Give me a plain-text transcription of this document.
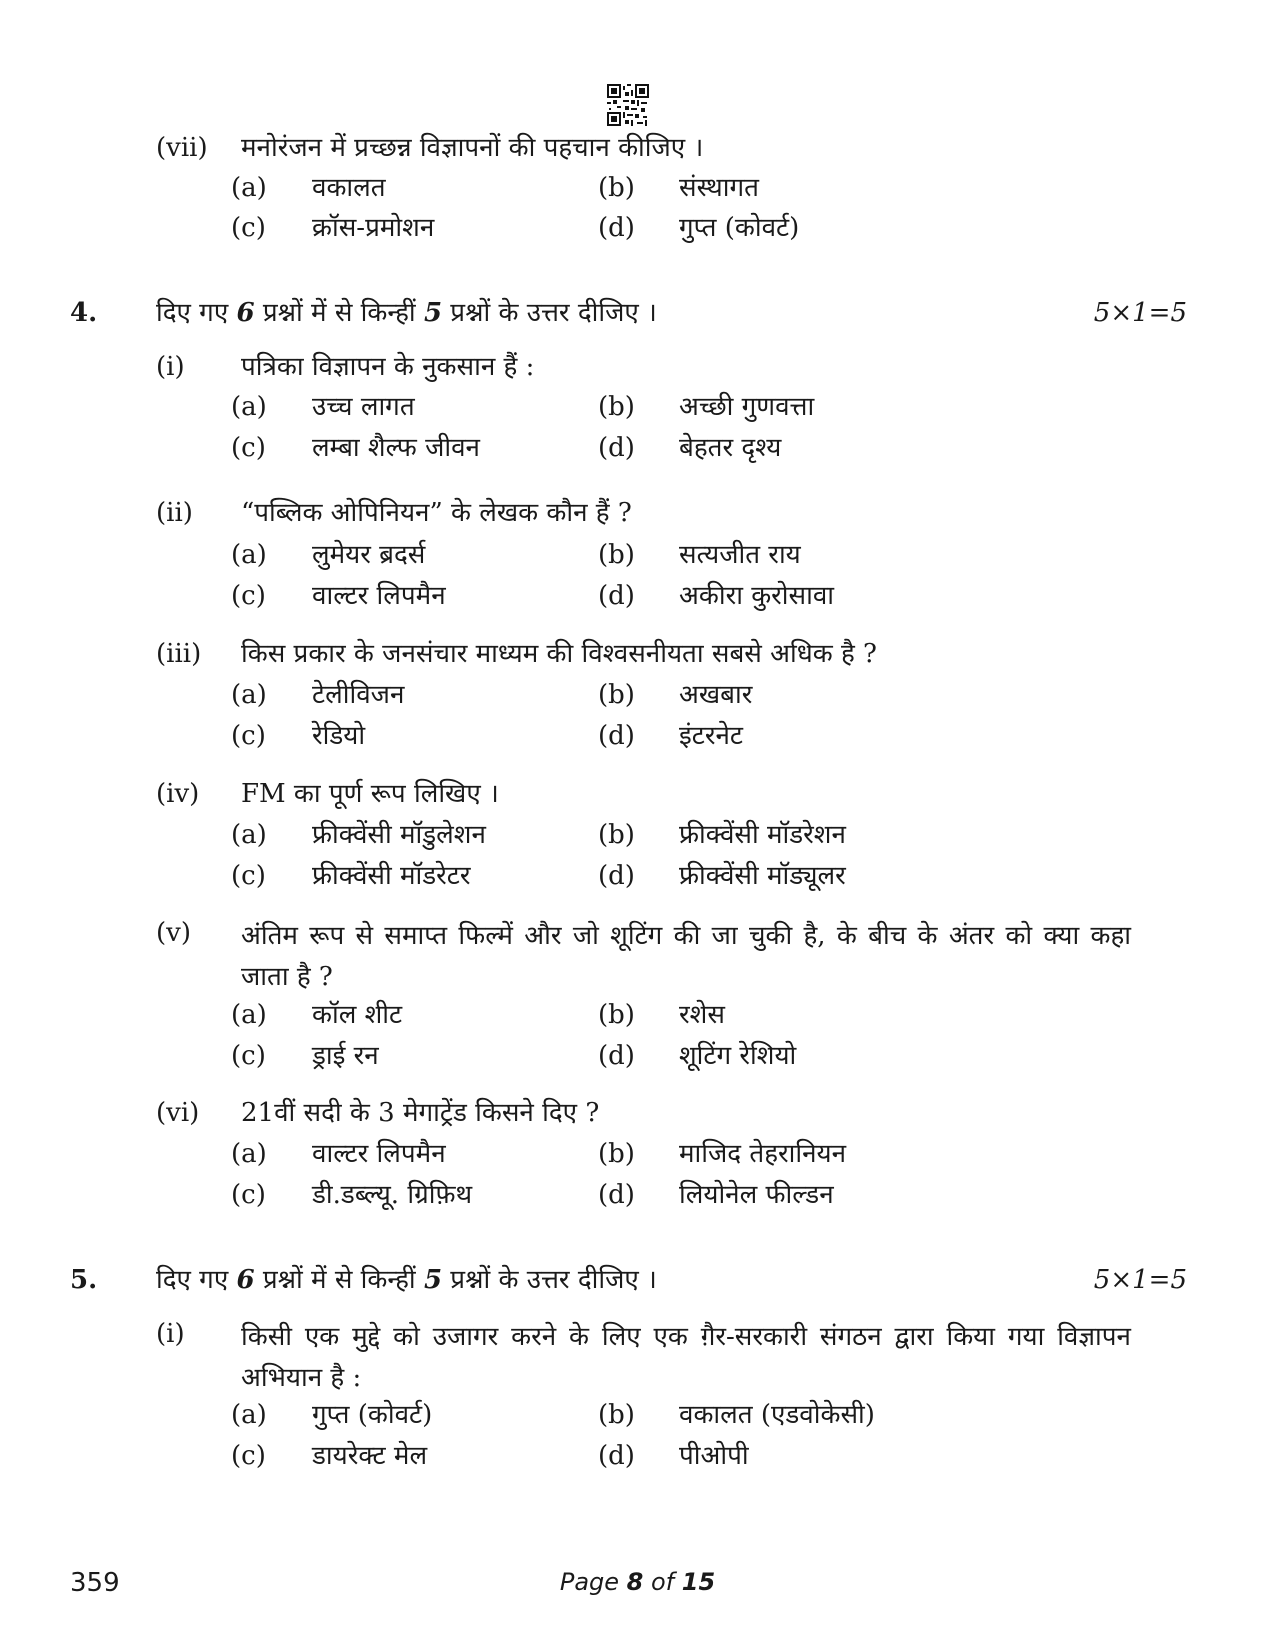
(vii) मनोरंजन में प्रच्छन्न विज्ञापनों की पहचान कीजिए ।
(a) वकालत	(b) संस्थागत
(c) क्रॉस-प्रमोशन	(d) गुप्त (कोवर्ट)
4. दिए गए 6 प्रश्नों में से किन्हीं 5 प्रश्नों के उत्तर दीजिए ।	5×1=5
(i) पत्रिका विज्ञापन के नुकसान हैं :
(a) उच्च लागत	(b) अच्छी गुणवत्ता
(c) लम्बा शैल्फ जीवन	(d) बेहतर दृश्य
(ii) “पब्लिक ओपिनियन” के लेखक कौन हैं ?
(a) लुमेयर ब्रदर्स	(b) सत्यजीत राय
(c) वाल्टर लिपमैन	(d) अकीरा कुरोसावा
(iii) किस प्रकार के जनसंचार माध्यम की विश्वसनीयता सबसे अधिक है ?
(a) टेलीविजन	(b) अखबार
(c) रेडियो	(d) इंटरनेट
(iv) FM का पूर्ण रूप लिखिए ।
(a) फ्रीक्वेंसी मॉडुलेशन	(b) फ्रीक्वेंसी मॉडरेशन
(c) फ्रीक्वेंसी मॉडरेटर	(d) फ्रीक्वेंसी मॉड्यूलर
(v) अंतिम रूप से समाप्त फिल्में और जो शूटिंग की जा चुकी है, के बीच के अंतर को क्या कहा जाता है ?
(a) कॉल शीट	(b) रशेस
(c) ड्राई रन	(d) शूटिंग रेशियो
(vi) 21वीं सदी के 3 मेगाट्रेंड किसने दिए ?
(a) वाल्टर लिपमैन	(b) माजिद तेहरानियन
(c) डी.डब्ल्यू. ग्रिफ़िथ	(d) लियोनेल फील्डन
5. दिए गए 6 प्रश्नों में से किन्हीं 5 प्रश्नों के उत्तर दीजिए ।	5×1=5
(i) किसी एक मुद्दे को उजागर करने के लिए एक ग़ैर-सरकारी संगठन द्वारा किया गया विज्ञापन अभियान है :
(a) गुप्त (कोवर्ट)	(b) वकालत (एडवोकेसी)
(c) डायरेक्ट मेल	(d) पीओपी
359	Page 8 of 15
